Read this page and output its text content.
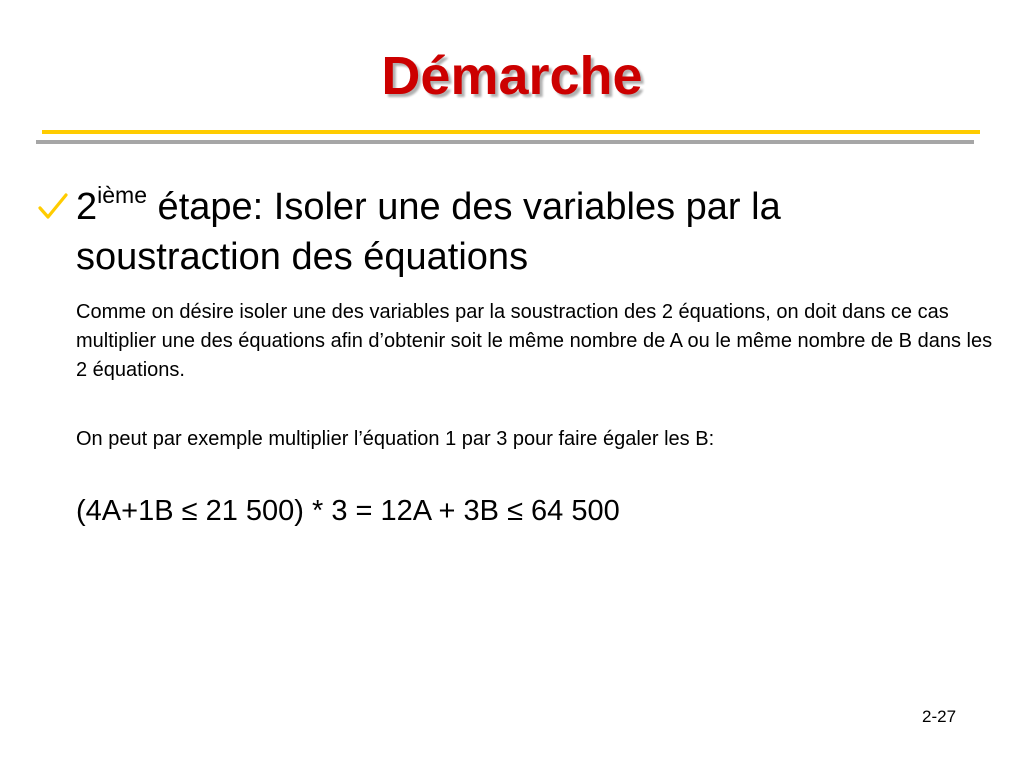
Démarche
2ième étape: Isoler une des variables par la soustraction des équations
Comme on désire isoler une des variables par la soustraction des 2 équations, on doit dans ce cas multiplier une des équations afin d’obtenir soit le même nombre de A ou le même nombre de B dans les 2 équations.
On peut par exemple multiplier l’équation 1 par 3 pour faire égaler les B:
(4A+1B ≤ 21 500) * 3 = 12A + 3B ≤ 64 500
2-27
